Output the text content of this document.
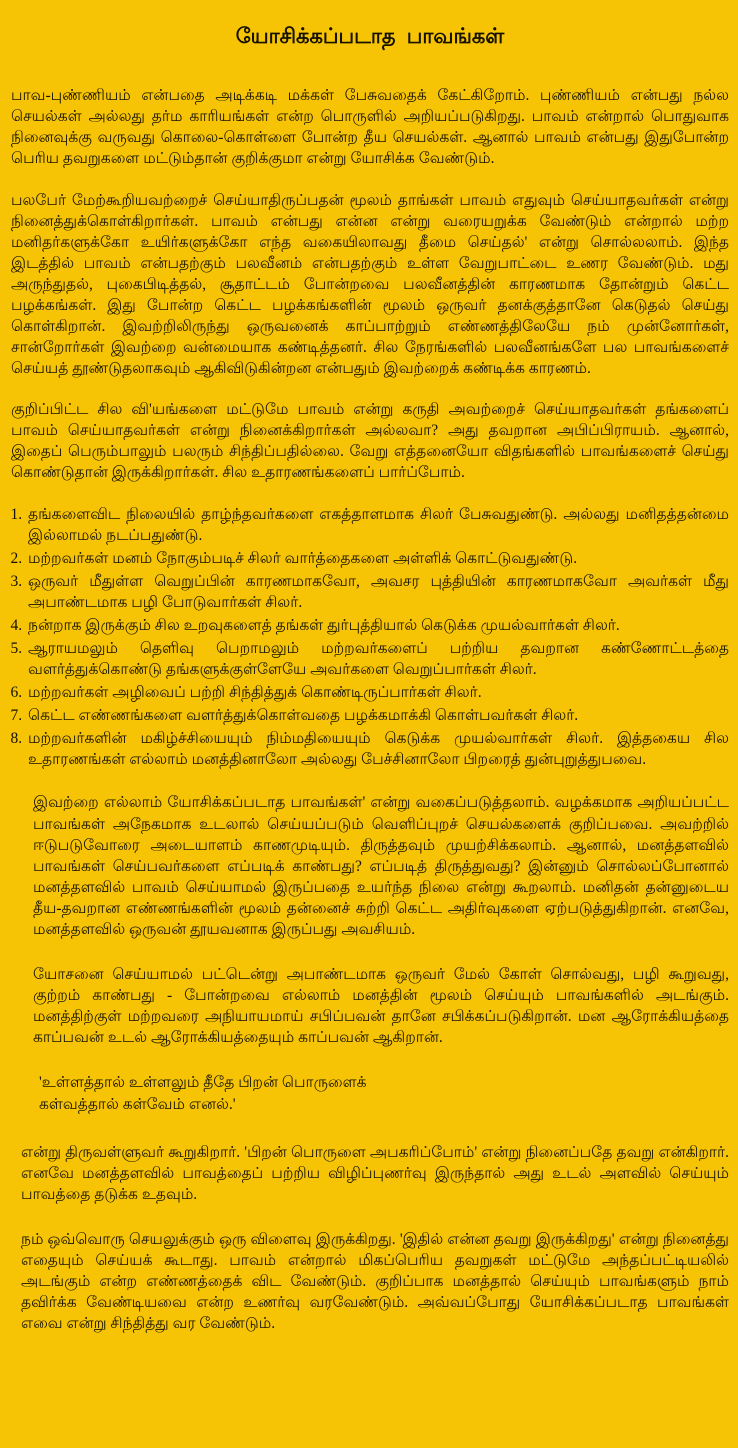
யோசிக்கப்படாத பாவங்கள்

பாவ-புண்ணியம் என்பதை அடிக்கடி மக்கள் பேசுவதைக் கேட்கிறோம். புண்ணியம் என்பது நல்ல செயல்கள் அல்லது தர்ம காரியங்கள் என்ற பொருளில் அறியப்படுகிறது. பாவம் என்றால் பொதுவாக நினைவுக்கு வருவது கொலை-கொள்ளை போன்ற தீய செயல்கள். ஆனால் பாவம் என்பது இதுபோன்ற பெரிய தவறுகளை மட்டும்தான் குறிக்குமா என்று யோசிக்க வேண்டும்.

பலபேர் மேற்கூறியவற்றைச் செய்யாதிருப்பதன் மூலம் தாங்கள் பாவம் எதுவும் செய்யாதவர்கள் என்று நினைத்துக்கொள்கிறார்கள். பாவம் என்பது என்ன என்று வரையறுக்க வேண்டும் என்றால் மற்ற மனிதர்களுக்கோ உயிர்களுக்கோ எந்த வகையிலாவது தீமை செய்தல்' என்று சொல்லலாம். இந்த இடத்தில் பாவம் என்பதற்கும் பலவீனம் என்பதற்கும் உள்ள வேறுபாட்டை உணர வேண்டும். மது அருந்துதல், புகைபிடித்தல், சூதாட்டம் போன்றவை பலவீனத்தின் காரணமாக தோன்றும் கெட்ட பழக்கங்கள். இது போன்ற கெட்ட பழக்கங்களின் மூலம் ஒருவர் தனக்குத்தானே கெடுதல் செய்து கொள்கிறான். இவற்றிலிருந்து ஒருவனைக் காப்பாற்றும் எண்ணத்திலேயே நம் முன்னோர்கள், சான்றோர்கள் இவற்றை வன்மையாக கண்டித்தனர். சில நேரங்களில் பலவீனங்களே பல பாவங்களைச் செய்யத் தூண்டுதலாகவும் ஆகிவிடுகின்றன என்பதும் இவற்றைக் கண்டிக்க காரணம்.

குறிப்பிட்ட சில வி'யங்களை மட்டுமே பாவம் என்று கருதி அவற்றைச் செய்யாதவர்கள் தங்களைப் பாவம் செய்யாதவர்கள் என்று நினைக்கிறார்கள் அல்லவா? அது தவறான அபிப்பிராயம். ஆனால், இதைப் பெரும்பாலும் பலரும் சிந்திப்பதில்லை. வேறு எத்தனையோ விதங்களில் பாவங்களைச் செய்து கொண்டுதான் இருக்கிறார்கள். சில உதாரணங்களைப் பார்ப்போம்.

1. தங்களைவிட நிலையில் தாழ்ந்தவர்களை எகத்தாளமாக சிலர் பேசுவதுண்டு. அல்லது மனிதத்தன்மை இல்லாமல் நடப்பதுண்டு.
2. மற்றவர்கள் மனம் நோகும்படிச் சிலர் வார்த்தைகளை அள்ளிக் கொட்டுவதுண்டு.
3. ஒருவர் மீதுள்ள வெறுப்பின் காரணமாகவோ, அவசர புத்தியின் காரணமாகவோ அவர்கள் மீது அபாண்டமாக பழி போடுவார்கள் சிலர்.
4. நன்றாக இருக்கும் சில உறவுகளைத் தங்கள் துர்புத்தியால் கெடுக்க முயல்வார்கள் சிலர்.
5. ஆராயமலும் தெளிவு பெறாமலும் மற்றவர்களைப் பற்றிய தவறான கண்ணோட்டத்தை வளர்த்துக்கொண்டு தங்களுக்குள்ளேயே அவர்களை வெறுப்பார்கள் சிலர்.
6. மற்றவர்கள் அழிவைப் பற்றி சிந்தித்துக் கொண்டிருப்பார்கள் சிலர்.
7. கெட்ட எண்ணங்களை வளர்த்துக்கொள்வதை பழக்கமாக்கி கொள்பவர்கள் சிலர்.
8. மற்றவர்களின் மகிழ்ச்சியையும் நிம்மதியையும் கெடுக்க முயல்வார்கள் சிலர். இத்தகைய சில உதாரணங்கள் எல்லாம் மனத்தினாலோ அல்லது பேச்சினாலோ பிறரைத் துன்புறுத்துபவை.

இவற்றை எல்லாம் யோசிக்கப்படாத பாவங்கள்' என்று வகைப்படுத்தலாம். வழக்கமாக அறியப்பட்ட பாவங்கள் அநேகமாக உடலால் செய்யப்படும் வெளிப்புறச் செயல்களைக் குறிப்பவை. அவற்றில் ஈடுபடுவோரை அடையாளம் காணமுடியும். திருத்தவும் முயற்சிக்கலாம். ஆனால், மனத்தளவில் பாவங்கள் செய்பவர்களை எப்படிக் காண்பது? எப்படித் திருத்துவது? இன்னும் சொல்லப்போனால் மனத்தளவில் பாவம் செய்யாமல் இருப்பதை உயர்ந்த நிலை என்று கூறலாம். மனிதன் தன்னுடைய தீய-தவறான எண்ணங்களின் மூலம் தன்னைச் சுற்றி கெட்ட அதிர்வுகளை ஏற்படுத்துகிறான். எனவே, மனத்தளவில் ஒருவன் தூயவனாக இருப்பது அவசியம்.

யோசனை செய்யாமல் பட்டென்று அபாண்டமாக ஒருவர் மேல் கோள் சொல்வது, பழி கூறுவது, குற்றம் காண்பது - போன்றவை எல்லாம் மனத்தின் மூலம் செய்யும் பாவங்களில் அடங்கும். மனத்திற்குள் மற்றவரை அநியாயமாய் சபிப்பவன் தானே சபிக்கப்படுகிறான். மன ஆரோக்கியத்தை காப்பவன் உடல் ஆரோக்கியத்தையும் காப்பவன் ஆகிறான்.

'உள்ளத்தால் உள்ளலும் தீதே பிறன் பொருளைக்
கள்வத்தால் கள்வேம் எனல்.'

என்று திருவள்ளுவர் கூறுகிறார். 'பிறன் பொருளை அபகரிப்போம்' என்று நினைப்பதே தவறு என்கிறார். எனவே மனத்தளவில் பாவத்தைப் பற்றிய விழிப்புணர்வு இருந்தால் அது உடல் அளவில் செய்யும் பாவத்தை தடுக்க உதவும்.

நம் ஒவ்வொரு செயலுக்கும் ஒரு விளைவு இருக்கிறது. 'இதில் என்ன தவறு இருக்கிறது' என்று நினைத்து எதையும் செய்யக் கூடாது. பாவம் என்றால் மிகப்பெரிய தவறுகள் மட்டுமே அந்தப்பட்டியலில் அடங்கும் என்ற எண்ணத்தைக் விட வேண்டும். குறிப்பாக மனத்தால் செய்யும் பாவங்களும் நாம் தவிர்க்க வேண்டியவை என்ற உணர்வு வரவேண்டும். அவ்வப்போது யோசிக்கப்படாத பாவங்கள் எவை என்று சிந்தித்து வர வேண்டும்.
